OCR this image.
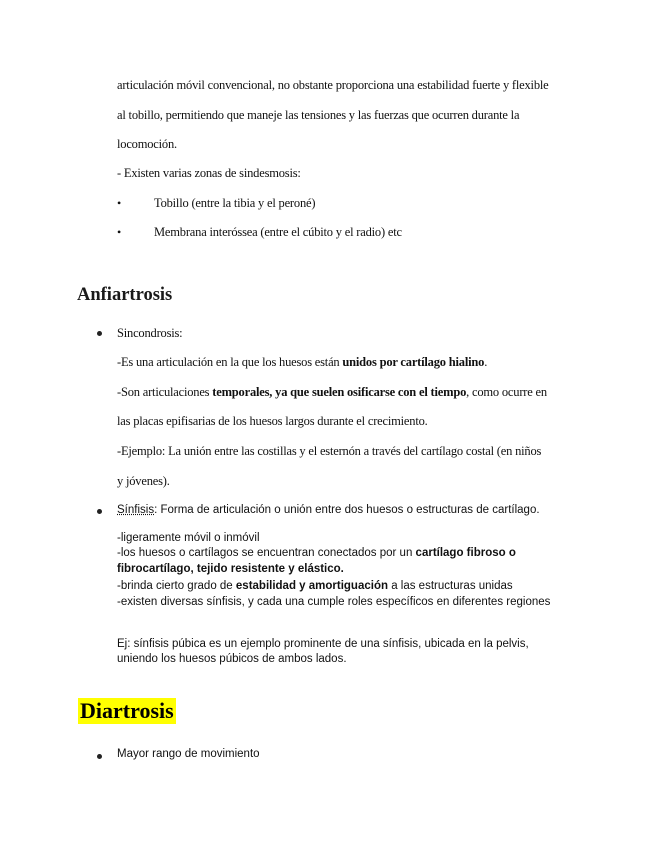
articulación móvil convencional, no obstante proporciona una estabilidad fuerte y flexible
al tobillo, permitiendo que maneje las tensiones y las fuerzas que ocurren durante la
locomoción.
- Existen varias zonas de sindesmosis:
•	Tobillo (entre la tibia y el peroné)
•	Membrana interóssea (entre el cúbito y el radio) etc
Anfiartrosis
Sincondrosis:
-Es una articulación en la que los huesos están unidos por cartílago hialino.
-Son articulaciones temporales, ya que suelen osificarse con el tiempo, como ocurre en
las placas epifisarias de los huesos largos durante el crecimiento.
-Ejemplo: La unión entre las costillas y el esternón a través del cartílago costal (en niños
y jóvenes).
Sínfisis: Forma de articulación o unión entre dos huesos o estructuras de cartílago.
-ligeramente móvil o inmóvil
-los huesos o cartílagos se encuentran conectados por un cartílago fibroso o
fibrocartílago, tejido resistente y elástico.
-brinda cierto grado de estabilidad y amortiguación a las estructuras unidas
-existen diversas sínfisis, y cada una cumple roles específicos en diferentes regiones
Ej: sínfisis púbica es un ejemplo prominente de una sínfisis, ubicada en la pelvis,
uniendo los huesos púbicos de ambos lados.
Diartrosis
Mayor rango de movimiento
